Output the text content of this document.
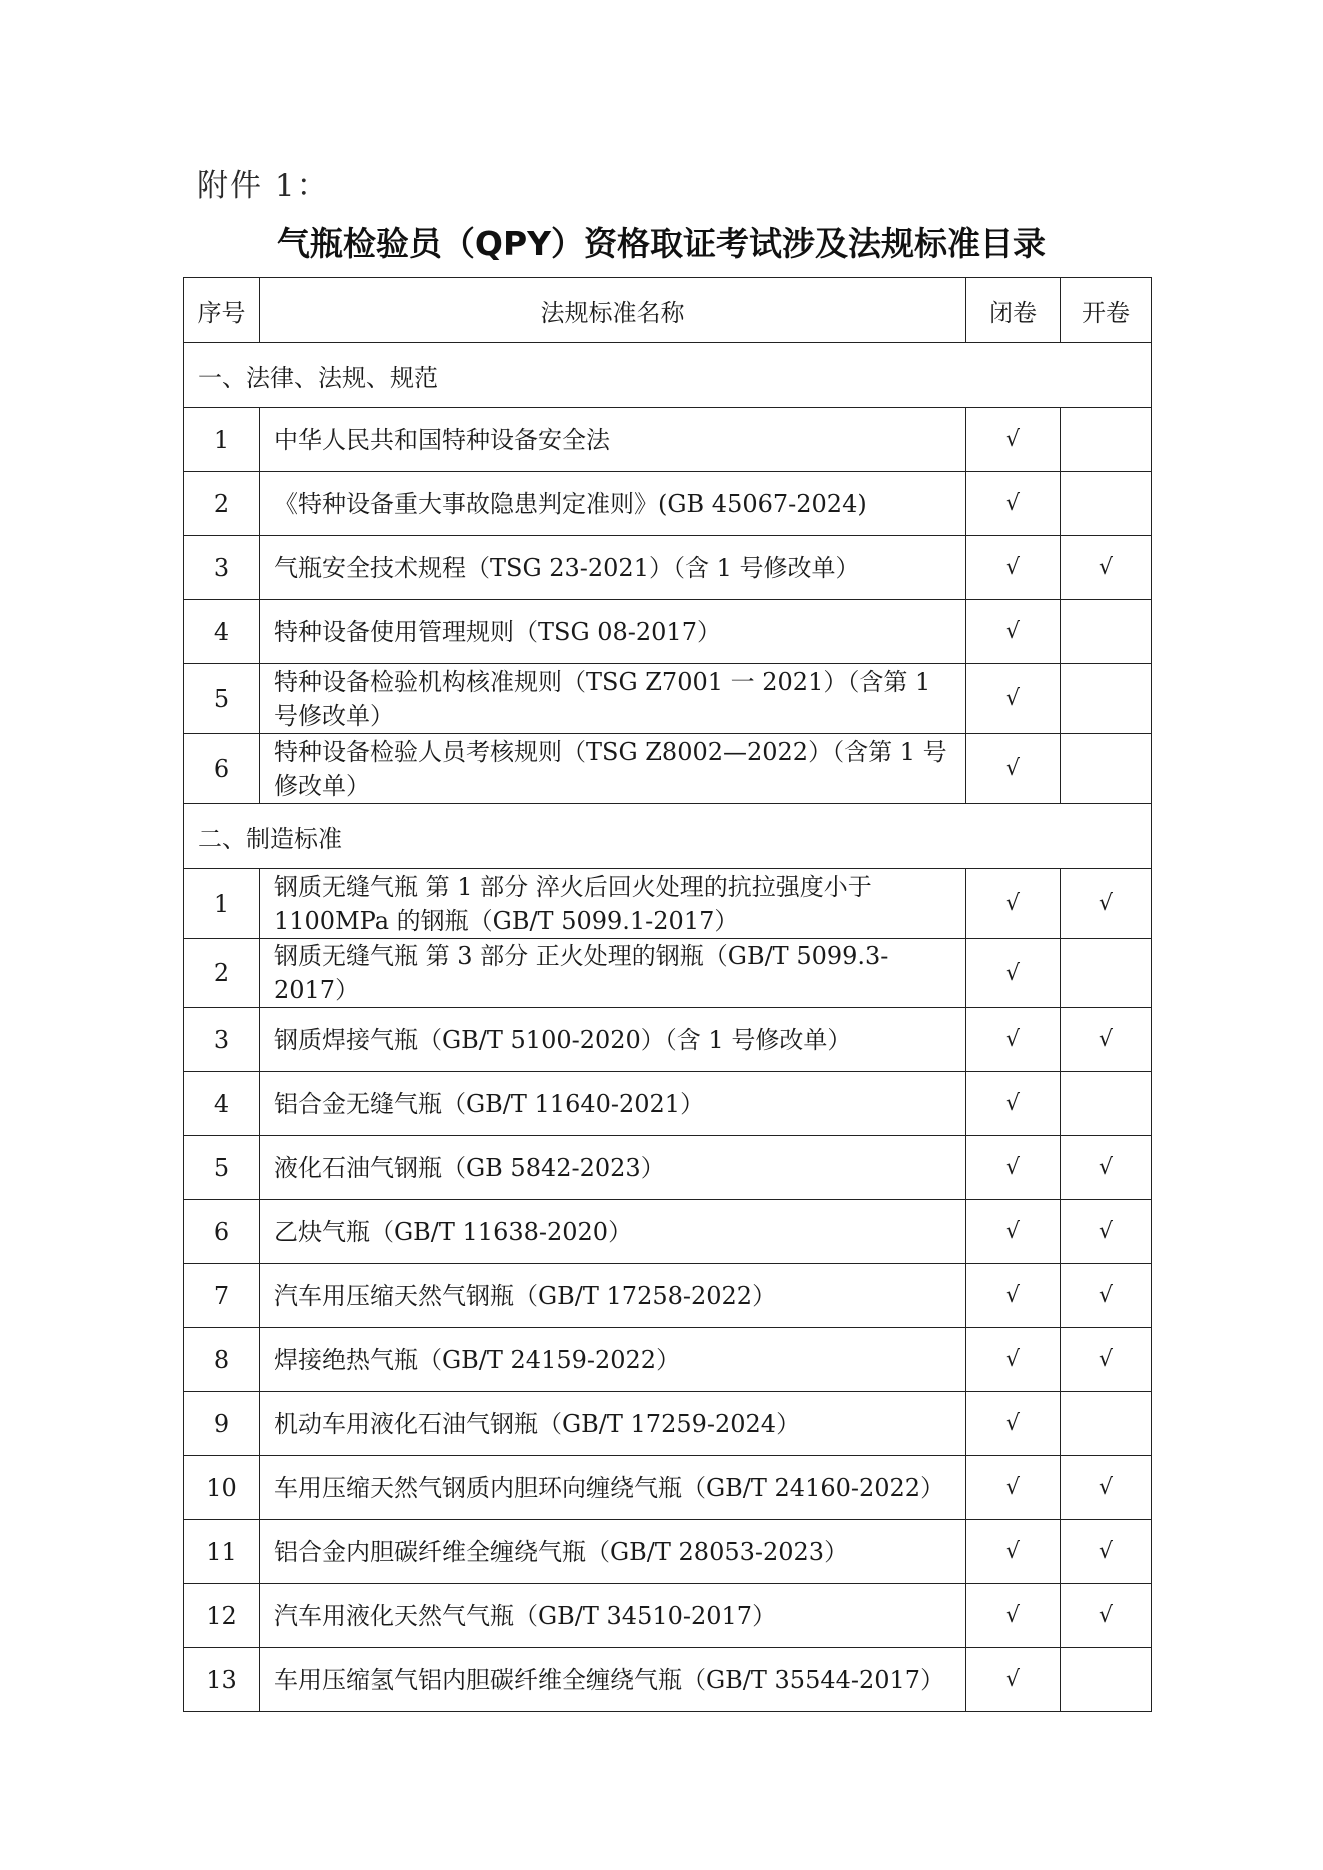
附件 1：
气瓶检验员（QPY）资格取证考试涉及法规标准目录
序号	法规标准名称	闭卷	开卷
一、法律、法规、规范			
1	中华人民共和国特种设备安全法	√	
2	《特种设备重大事故隐患判定准则》(GB 45067-2024)	√	
3	气瓶安全技术规程（TSG 23-2021）（含 1 号修改单）	√	√
4	特种设备使用管理规则（TSG 08-2017）	√	
5	特种设备检验机构核准规则（TSG Z7001 一 2021）（含第 1 号修改单）	√	
6	特种设备检验人员考核规则（TSG Z8002—2022）（含第 1 号修改单）	√	
二、制造标准			
1	钢质无缝气瓶 第 1 部分 淬火后回火处理的抗拉强度小于 1100MPa 的钢瓶（GB/T 5099.1-2017）	√	√
2	钢质无缝气瓶 第 3 部分 正火处理的钢瓶（GB/T 5099.3-2017）	√	
3	钢质焊接气瓶（GB/T 5100-2020）（含 1 号修改单）	√	√
4	铝合金无缝气瓶（GB/T 11640-2021）	√	
5	液化石油气钢瓶（GB 5842-2023）	√	√
6	乙炔气瓶（GB/T 11638-2020）	√	√
7	汽车用压缩天然气钢瓶（GB/T 17258-2022）	√	√
8	焊接绝热气瓶（GB/T 24159-2022）	√	√
9	机动车用液化石油气钢瓶（GB/T 17259-2024）	√	
10	车用压缩天然气钢质内胆环向缠绕气瓶（GB/T 24160-2022）	√	√
11	铝合金内胆碳纤维全缠绕气瓶（GB/T 28053-2023）	√	√
12	汽车用液化天然气气瓶（GB/T 34510-2017）	√	√
13	车用压缩氢气铝内胆碳纤维全缠绕气瓶（GB/T 35544-2017）	√	
